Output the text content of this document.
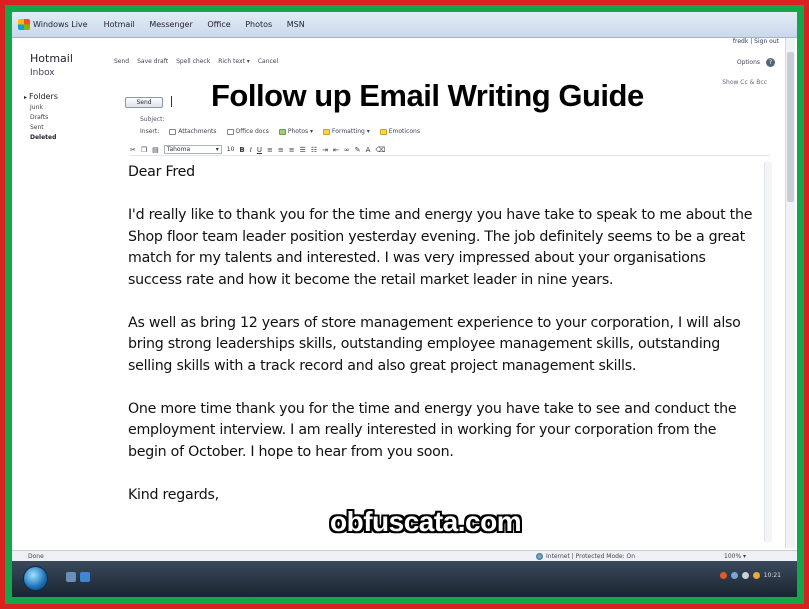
Windows Live Hotmail Messenger Office Photos MSN
fredk | Sign out
Hotmail
Inbox
▸ Folders
Junk
Drafts
Sent
Deleted
Send Save draft Spell check Rich text ▾ Cancel	Options	?
Show Cc & Bcc
Send
Subject:
Insert:	Attachments	Office docs	Photos ▾	Formatting ▾	Emoticons
✂ ❐ ▤ Tahoma	▾ 10 B I U ≡ ≡ ≡ ☰ ☷ ⇥ ⇤ ∞ ✎ A ⌫
Follow up Email Writing Guide

Dear Fred

I'd really like to thank you for the time and energy you have take to speak to me about the Shop floor team leader position yesterday evening. The job definitely seems to be a great match for my talents and interested. I was very impressed about your organisations success rate and how it become the retail market leader in nine years.

As well as bring 12 years of store management experience to your corporation, I will also bring strong leaderships skills, outstanding employee management skills, outstanding selling skills with a track record and also great project management skills.

One more time thank you for the time and energy you have take to see and conduct the employment interview. I am really interested in working for your corporation from the begin of October. I hope to hear from you soon.

Kind regards,

obfuscata.com
Done	Internet | Protected Mode: On	100% ▾
10:21
